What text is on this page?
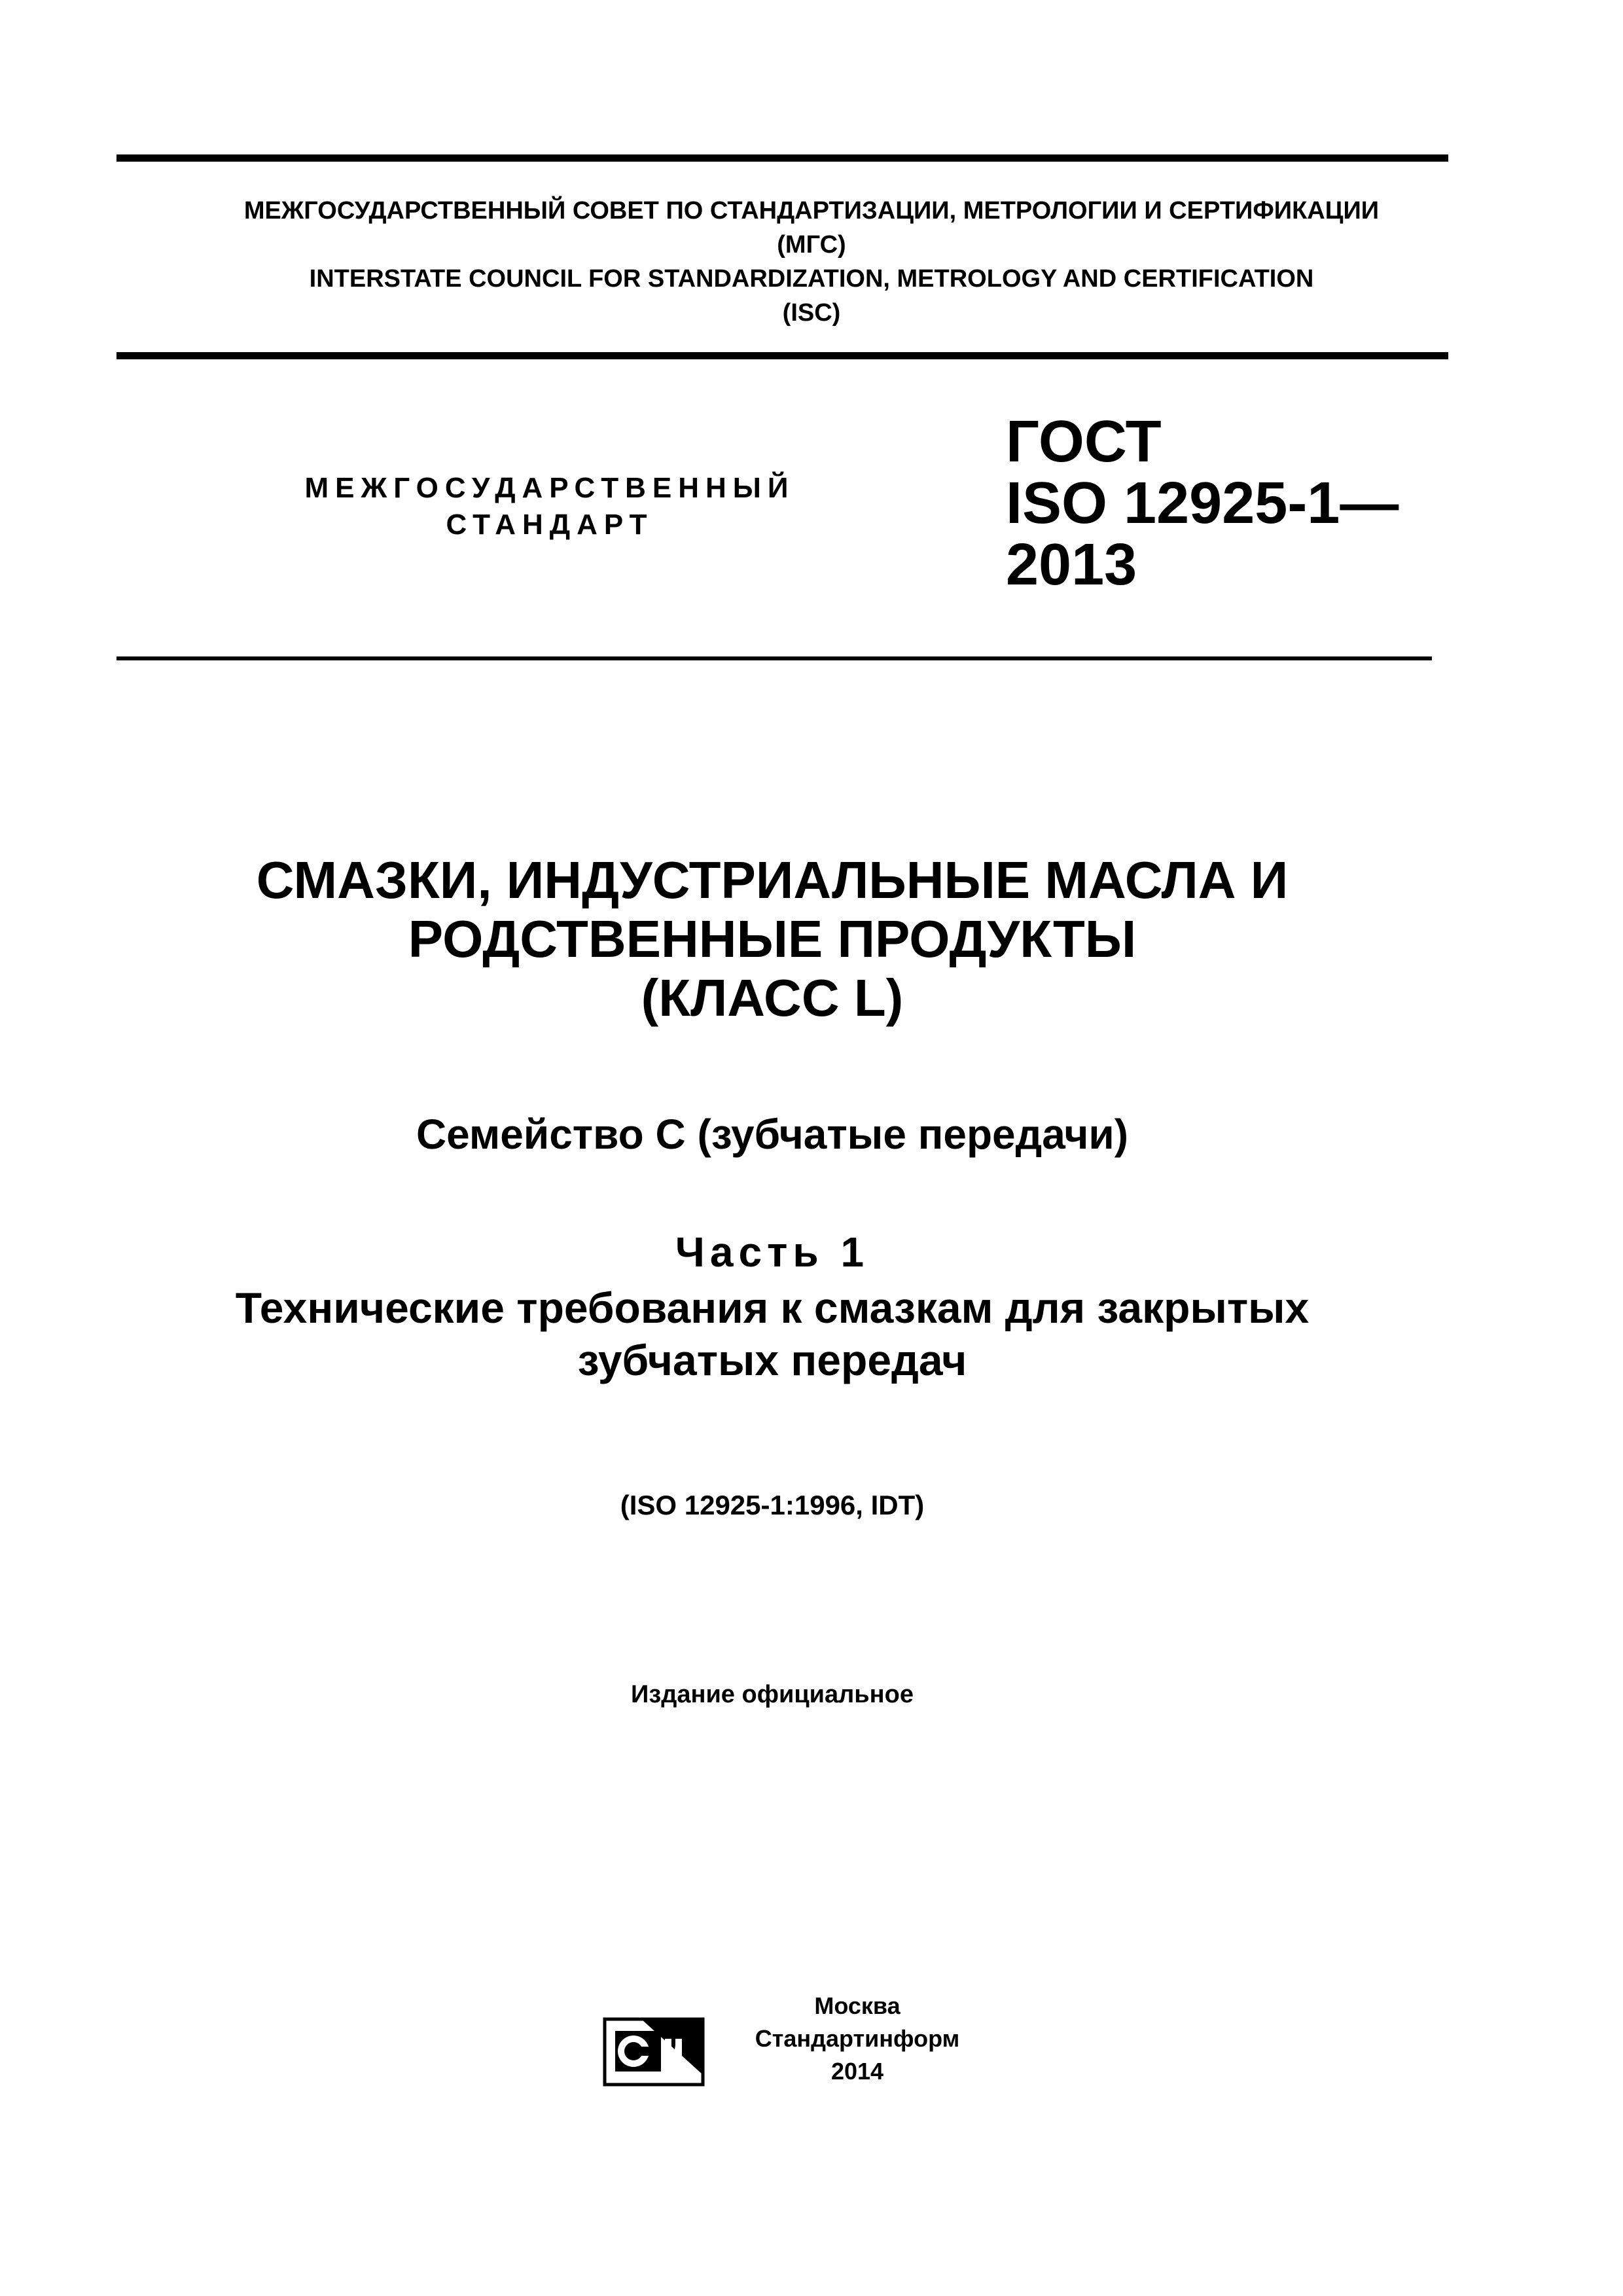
МЕЖГОСУДАРСТВЕННЫЙ СОВЕТ ПО СТАНДАРТИЗАЦИИ, МЕТРОЛОГИИ И СЕРТИФИКАЦИИ
(МГС)
INTERSTATE COUNCIL FOR STANDARDIZATION, METROLOGY AND CERTIFICATION
(ISC)
МЕЖГОСУДАРСТВЕННЫЙ
СТАНДАРТ
ГОСТ
ISO 12925-1—
2013
СМАЗКИ, ИНДУСТРИАЛЬНЫЕ МАСЛА И
РОДСТВЕННЫЕ ПРОДУКТЫ
(КЛАСС L)
Семейство С (зубчатые передачи)
Часть 1
Технические требования к смазкам для закрытых
зубчатых передач
(ISO 12925-1:1996, IDT)
Издание официальное
Москва
Стандартинформ
2014
